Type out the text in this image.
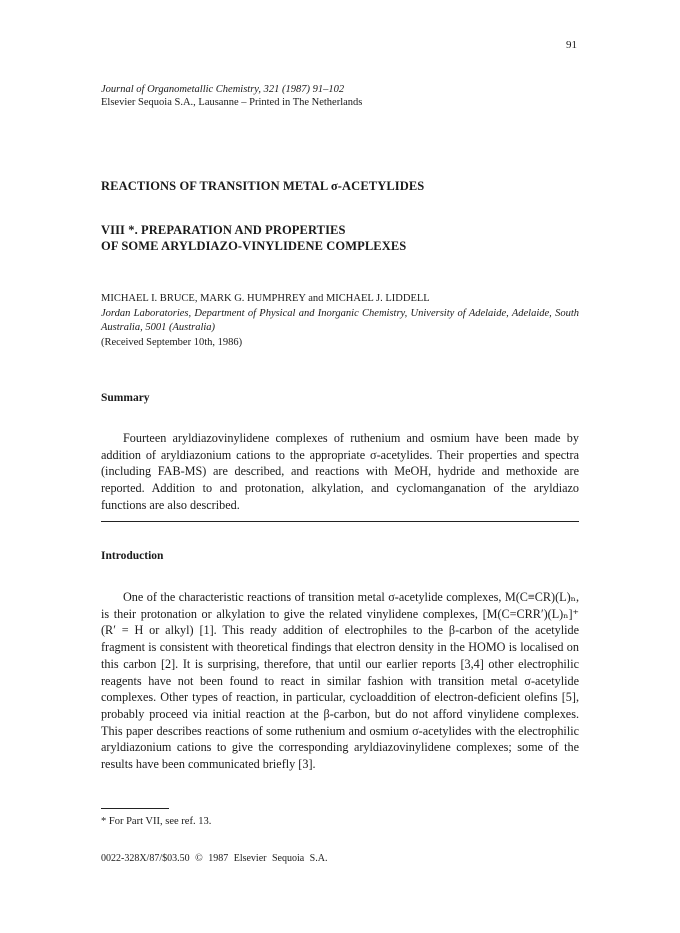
91
Journal of Organometallic Chemistry, 321 (1987) 91–102
Elsevier Sequoia S.A., Lausanne – Printed in The Netherlands
REACTIONS OF TRANSITION METAL σ-ACETYLIDES
VIII *. PREPARATION AND PROPERTIES
OF SOME ARYLDIAZO-VINYLIDENE COMPLEXES
MICHAEL I. BRUCE, MARK G. HUMPHREY and MICHAEL J. LIDDELL
Jordan Laboratories, Department of Physical and Inorganic Chemistry, University of Adelaide, Adelaide, South Australia, 5001 (Australia)
(Received September 10th, 1986)
Summary

Fourteen aryldiazovinylidene complexes of ruthenium and osmium have been made by addition of aryldiazonium cations to the appropriate σ-acetylides. Their properties and spectra (including FAB-MS) are described, and reactions with MeOH, hydride and methoxide are reported. Addition to and protonation, alkylation, and cyclomanganation of the aryldiazo functions are also described.

Introduction

One of the characteristic reactions of transition metal σ-acetylide complexes, M(C≡CR)(L)ₙ, is their protonation or alkylation to give the related vinylidene complexes, [M(C=CRR′)(L)ₙ]⁺ (R′ = H or alkyl) [1]. This ready addition of electrophiles to the β-carbon of the acetylide fragment is consistent with theoretical findings that electron density in the HOMO is localised on this carbon [2]. It is surprising, therefore, that until our earlier reports [3,4] other electrophilic reagents have not been found to react in similar fashion with transition metal σ-acetylide complexes. Other types of reaction, in particular, cycloaddition of electron-deficient olefins [5], probably proceed via initial reaction at the β-carbon, but do not afford vinylidene complexes. This paper describes reactions of some ruthenium and osmium σ-acetylides with the electrophilic aryldiazonium cations to give the corresponding aryldiazovinylidene complexes; some of the results have been communicated briefly [3].

* For Part VII, see ref. 13.
0022-328X/87/$03.50 © 1987 Elsevier Sequoia S.A.
